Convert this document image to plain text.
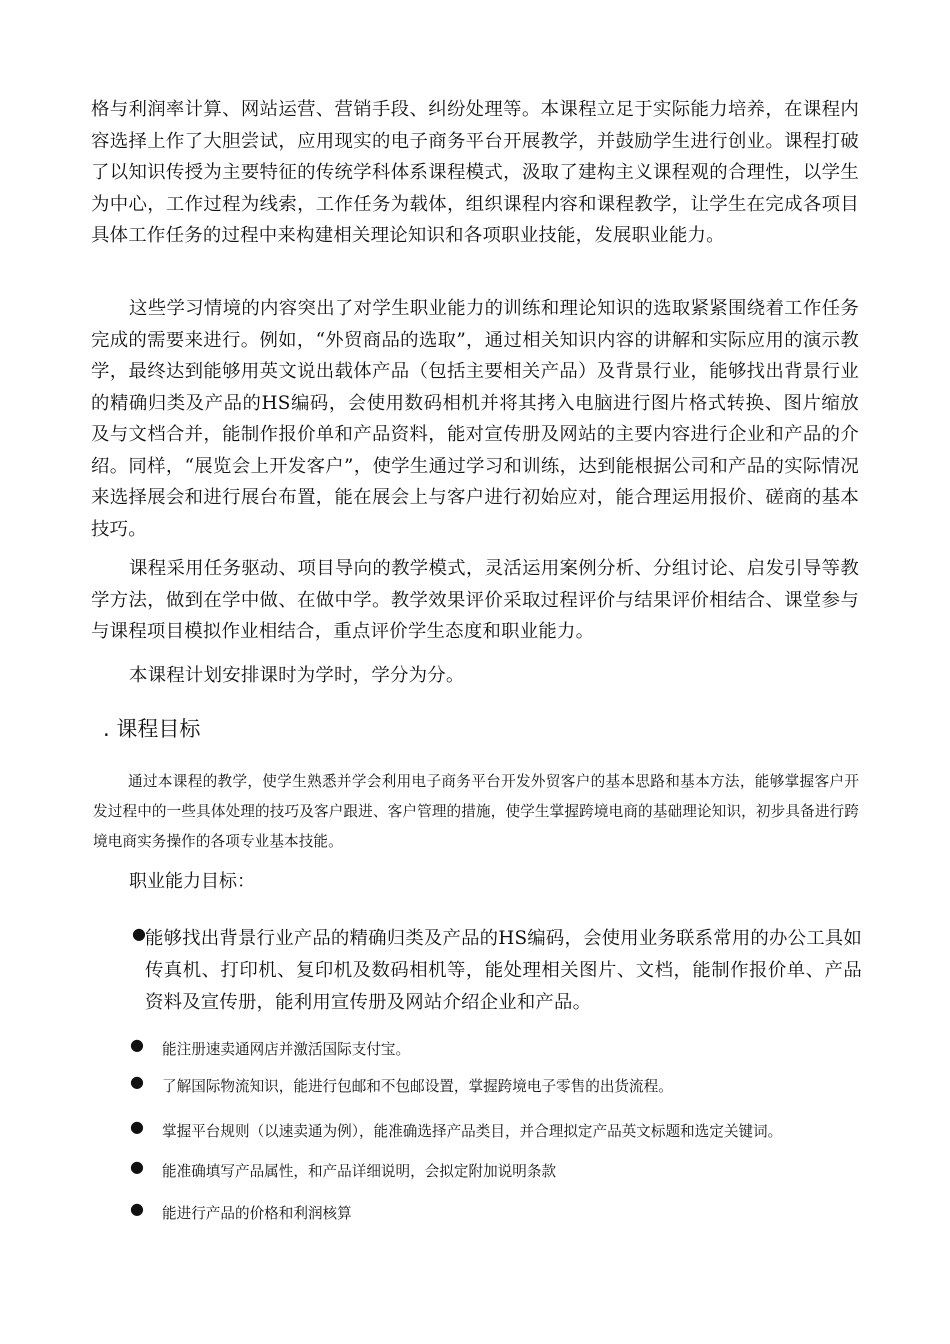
格与利润率计算、网站运营、营销手段、纠纷处理等。本课程立足于实际能力培养，在课程内容选择上作了大胆尝试，应用现实的电子商务平台开展教学，并鼓励学生进行创业。课程打破了以知识传授为主要特征的传统学科体系课程模式，汲取了建构主义课程观的合理性，以学生为中心，工作过程为线索，工作任务为载体，组织课程内容和课程教学，让学生在完成各项目具体工作任务的过程中来构建相关理论知识和各项职业技能，发展职业能力。

这些学习情境的内容突出了对学生职业能力的训练和理论知识的选取紧紧围绕着工作任务完成的需要来进行。例如，“外贸商品的选取”，通过相关知识内容的讲解和实际应用的演示教学，最终达到能够用英文说出载体产品（包括主要相关产品）及背景行业，能够找出背景行业的精确归类及产品的HS编码，会使用数码相机并将其拷入电脑进行图片格式转换、图片缩放及与文档合并，能制作报价单和产品资料，能对宣传册及网站的主要内容进行企业和产品的介绍。同样，“展览会上开发客户”，使学生通过学习和训练，达到能根据公司和产品的实际情况来选择展会和进行展台布置，能在展会上与客户进行初始应对，能合理运用报价、磋商的基本技巧。

课程采用任务驱动、项目导向的教学模式，灵活运用案例分析、分组讨论、启发引导等教学方法，做到在学中做、在做中学。教学效果评价采取过程评价与结果评价相结合、课堂参与与课程项目模拟作业相结合，重点评价学生态度和职业能力。

本课程计划安排课时为学时，学分为分。

. 课程目标

通过本课程的教学，使学生熟悉并学会利用电子商务平台开发外贸客户的基本思路和基本方法，能够掌握客户开发过程中的一些具体处理的技巧及客户跟进、客户管理的措施，使学生掌握跨境电商的基础理论知识，初步具备进行跨境电商实务操作的各项专业基本技能。

职业能力目标：

●
能够找出背景行业产品的精确归类及产品的HS编码，会使用业务联系常用的办公工具如传真机、打印机、复印机及数码相机等，能处理相关图片、文档，能制作报价单、产品资料及宣传册，能利用宣传册及网站介绍企业和产品。
● 能注册速卖通网店并激活国际支付宝。
● 了解国际物流知识，能进行包邮和不包邮设置，掌握跨境电子零售的出货流程。
● 掌握平台规则（以速卖通为例），能准确选择产品类目，并合理拟定产品英文标题和选定关键词。
● 能准确填写产品属性，和产品详细说明，会拟定附加说明条款
● 能进行产品的价格和利润核算
